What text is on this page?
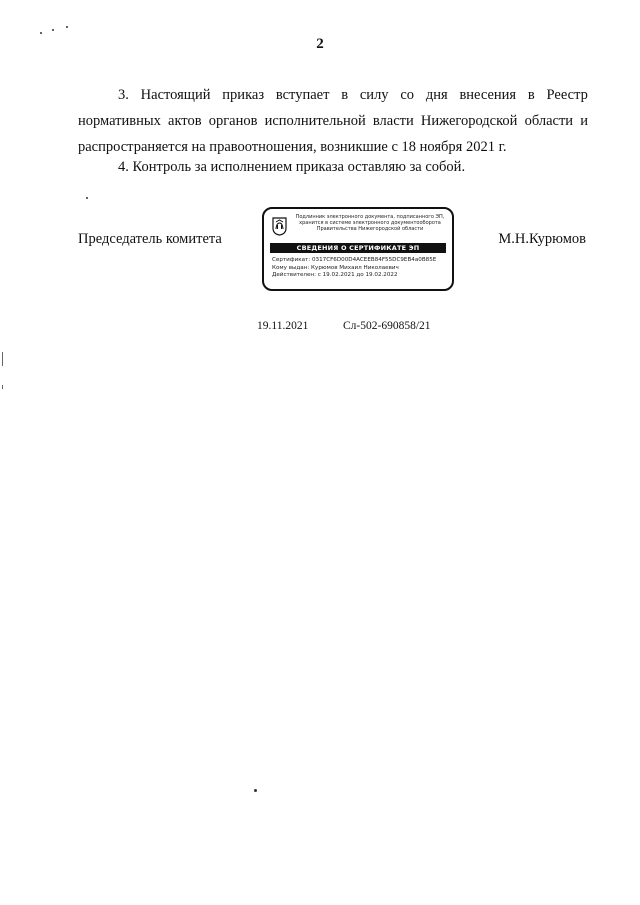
2
3. Настоящий приказ вступает в силу со дня внесения в Реестр
нормативных актов органов исполнительной власти Нижегородской области и
распространяется на правоотношения, возникшие с 18 ноября 2021 г.
4. Контроль за исполнением приказа оставляю за собой.
Председатель комитета
Подлинник электронного документа, подписанного ЭП, хранится в системе электронного документооборота Правительства Нижегородской области
СВЕДЕНИЯ О СЕРТИФИКАТЕ ЭП
Сертификат: 0317CF6D00D4ACEEB84F55DC9EB4a0B85E
Кому выдан: Курюмов Михаил Николаевич
Действителен: с 19.02.2021 до 19.02.2022
М.Н.Курюмов
19.11.2021	Сл-502-690858/21
